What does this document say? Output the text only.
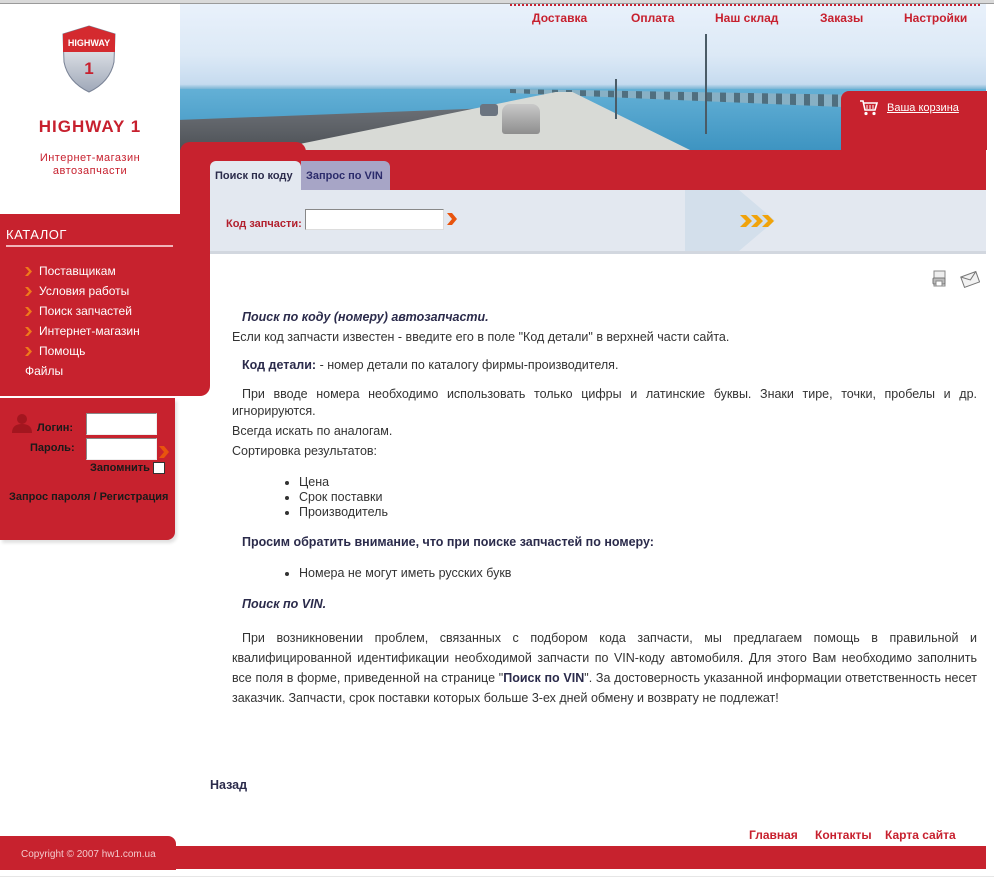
HIGHWAY
1
HIGHWAY 1
Интернет-магазин
автозапчасти
Доставка	Оплата	Наш склад	Заказы	Настройки
Ваша корзина
Поиск по коду	Запрос по VIN
Код запчасти:
КАТАЛОГ
Поставщикам
Условия работы
Поиск запчастей
Интернет-магазин
Помощь
Файлы
Логин:
Пароль:
Запомнить
Запрос пароля / Регистрация
Поиск по коду (номеру) автозапчасти.
Если код запчасти известен - введите его в поле "Код детали" в верхней части сайта.
Код детали: - номер детали по каталогу фирмы-производителя.
При вводе номера необходимо использовать только цифры и латинские буквы. Знаки тире, точки, пробелы и др. игнорируются.
Всегда искать по аналогам.
Сортировка результатов:
• Цена
• Срок поставки
• Производитель
Просим обратить внимание, что при поиске запчастей по номеру:
• Номера не могут иметь русских букв
Поиск по VIN.
При возникновении проблем, связанных с подбором кода запчасти, мы предлагаем помощь в правильной и квалифицированной идентификации необходимой запчасти по VIN-коду автомобиля. Для этого Вам необходимо заполнить все поля в форме, приведенной на странице "Поиск по VIN". За достоверность указанной информации ответственность несет заказчик. Запчасти, срок поставки которых больше 3-ех дней обмену и возврату не подлежат!
Назад
Главная Контакты Карта сайта
Copyright © 2007 hw1.com.ua
